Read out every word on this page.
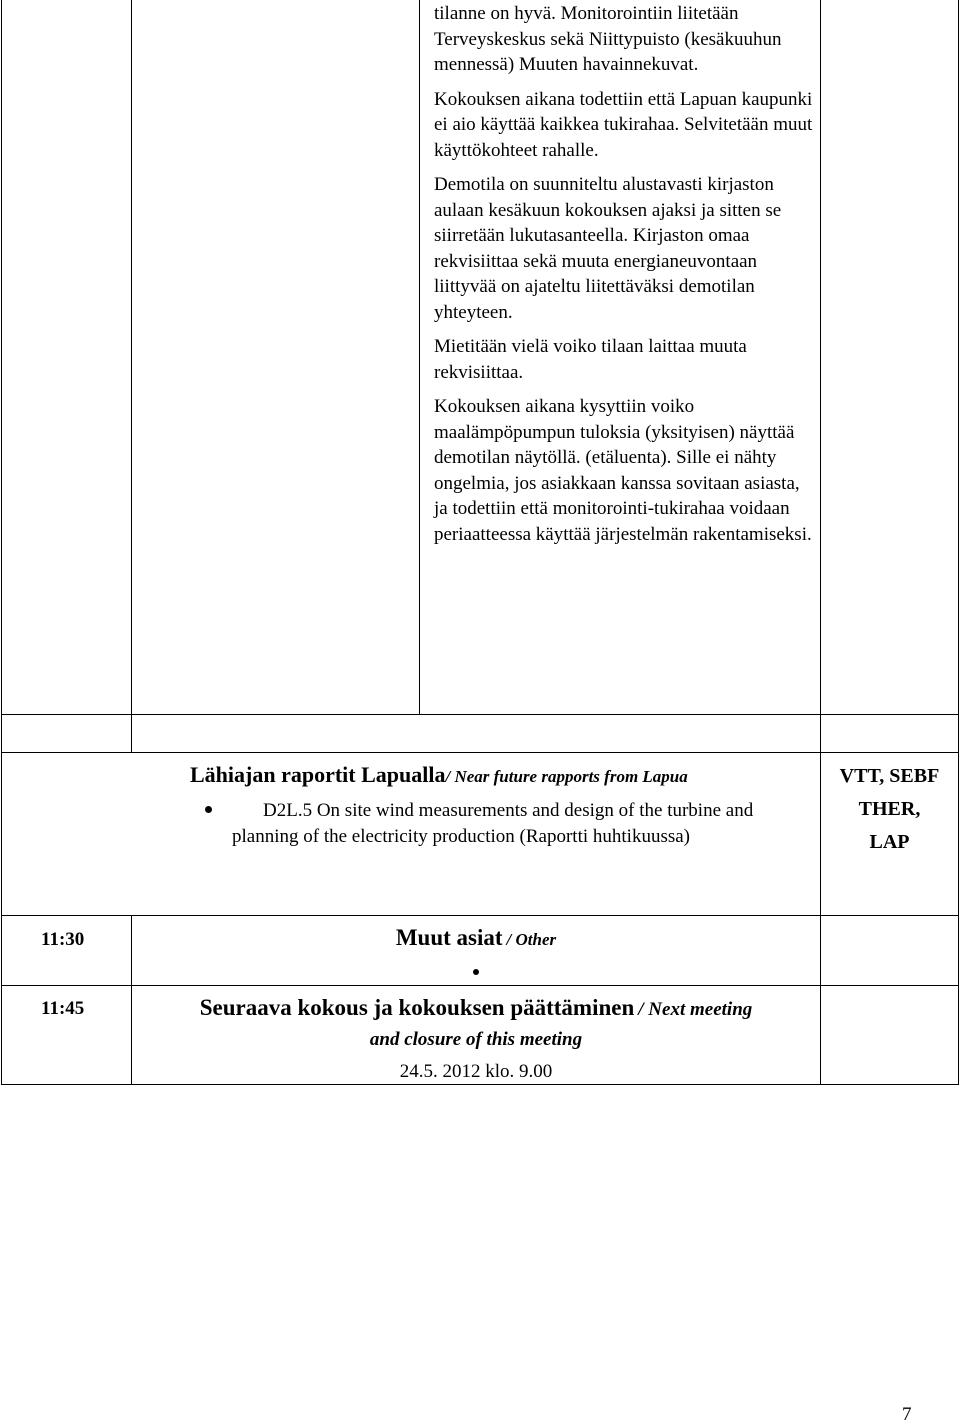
tilanne on hyvä. Monitorointiin liitetään Terveyskeskus sekä Niittypuisto (kesäkuuhun mennessä) Muuten havainnekuvat.

Kokouksen aikana todettiin että Lapuan kaupunki ei aio käyttää kaikkea tukirahaa. Selvitetään muut käyttökohteet rahalle.

Demotila on suunniteltu alustavasti kirjaston aulaan kesäkuun kokouksen ajaksi ja sitten se siirretään lukutasanteella. Kirjaston omaa rekvisiittaa sekä muuta energianeuvontaan liittyvää on ajateltu liitettäväksi demotilan yhteyteen.

Mietitään vielä voiko tilaan laittaa muuta rekvisiittaa.

Kokouksen aikana kysyttiin voiko maalämpöpumpun tuloksia (yksityisen) näyttää demotilan näytöllä. (etäluenta). Sille ei nähty ongelmia, jos asiakkaan kanssa sovitaan asiasta, ja todettiin että monitorointi-tukirahaa voidaan periaatteessa käyttää järjestelmän rakentamiseksi.

Lähiajan raportit Lapualla/ Near future rapports from Lapua
D2L.5 On site wind measurements and design of the turbine and planning of the electricity production (Raportti huhtikuussa)
VTT, SEBF
THER,
LAP
11:30	Muut asiat / Other
11:45	Seuraava kokous ja kokouksen päättäminen / Next meeting
and closure of this meeting
24.5. 2012 klo. 9.00
7
